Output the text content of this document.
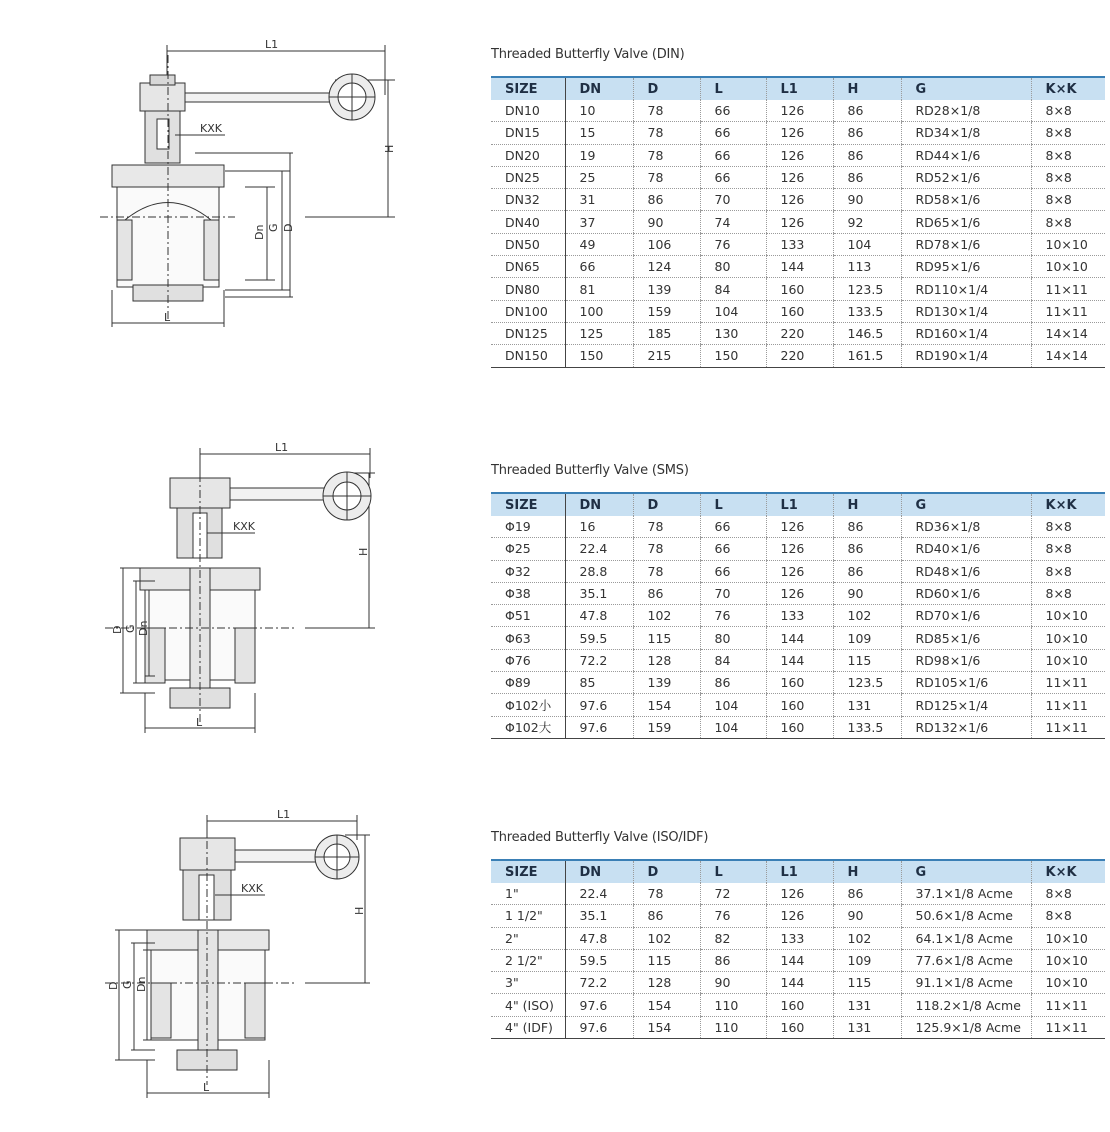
L1
H
KXK
Dn G D
L
Threaded Butterfly Valve (DIN)
SIZE	DN	D	L	L1	H	G	K×K
DN10	10	78	66	126	86	RD28×1/8	8×8
DN15	15	78	66	126	86	RD34×1/8	8×8
DN20	19	78	66	126	86	RD44×1/6	8×8
DN25	25	78	66	126	86	RD52×1/6	8×8
DN32	31	86	70	126	90	RD58×1/6	8×8
DN40	37	90	74	126	92	RD65×1/6	8×8
DN50	49	106	76	133	104	RD78×1/6	10×10
DN65	66	124	80	144	113	RD95×1/6	10×10
DN80	81	139	84	160	123.5	RD110×1/4	11×11
DN100	100	159	104	160	133.5	RD130×1/4	11×11
DN125	125	185	130	220	146.5	RD160×1/4	14×14
DN150	150	215	150	220	161.5	RD190×1/4	14×14
L1
H
KXK
D G Dn
L
Threaded Butterfly Valve (SMS)
SIZE	DN	D	L	L1	H	G	K×K
Φ19	16	78	66	126	86	RD36×1/8	8×8
Φ25	22.4	78	66	126	86	RD40×1/6	8×8
Φ32	28.8	78	66	126	86	RD48×1/6	8×8
Φ38	35.1	86	70	126	90	RD60×1/6	8×8
Φ51	47.8	102	76	133	102	RD70×1/6	10×10
Φ63	59.5	115	80	144	109	RD85×1/6	10×10
Φ76	72.2	128	84	144	115	RD98×1/6	10×10
Φ89	85	139	86	160	123.5	RD105×1/6	11×11
Φ102小	97.6	154	104	160	131	RD125×1/4	11×11
Φ102大	97.6	159	104	160	133.5	RD132×1/6	11×11
L1
H
KXK
D G Dn
L
Threaded Butterfly Valve (ISO/IDF)
SIZE	DN	D	L	L1	H	G	K×K
1"	22.4	78	72	126	86	37.1×1/8 Acme	8×8
1 1/2"	35.1	86	76	126	90	50.6×1/8 Acme	8×8
2"	47.8	102	82	133	102	64.1×1/8 Acme	10×10
2 1/2"	59.5	115	86	144	109	77.6×1/8 Acme	10×10
3"	72.2	128	90	144	115	91.1×1/8 Acme	10×10
4" (ISO)	97.6	154	110	160	131	118.2×1/8 Acme	11×11
4" (IDF)	97.6	154	110	160	131	125.9×1/8 Acme	11×11
